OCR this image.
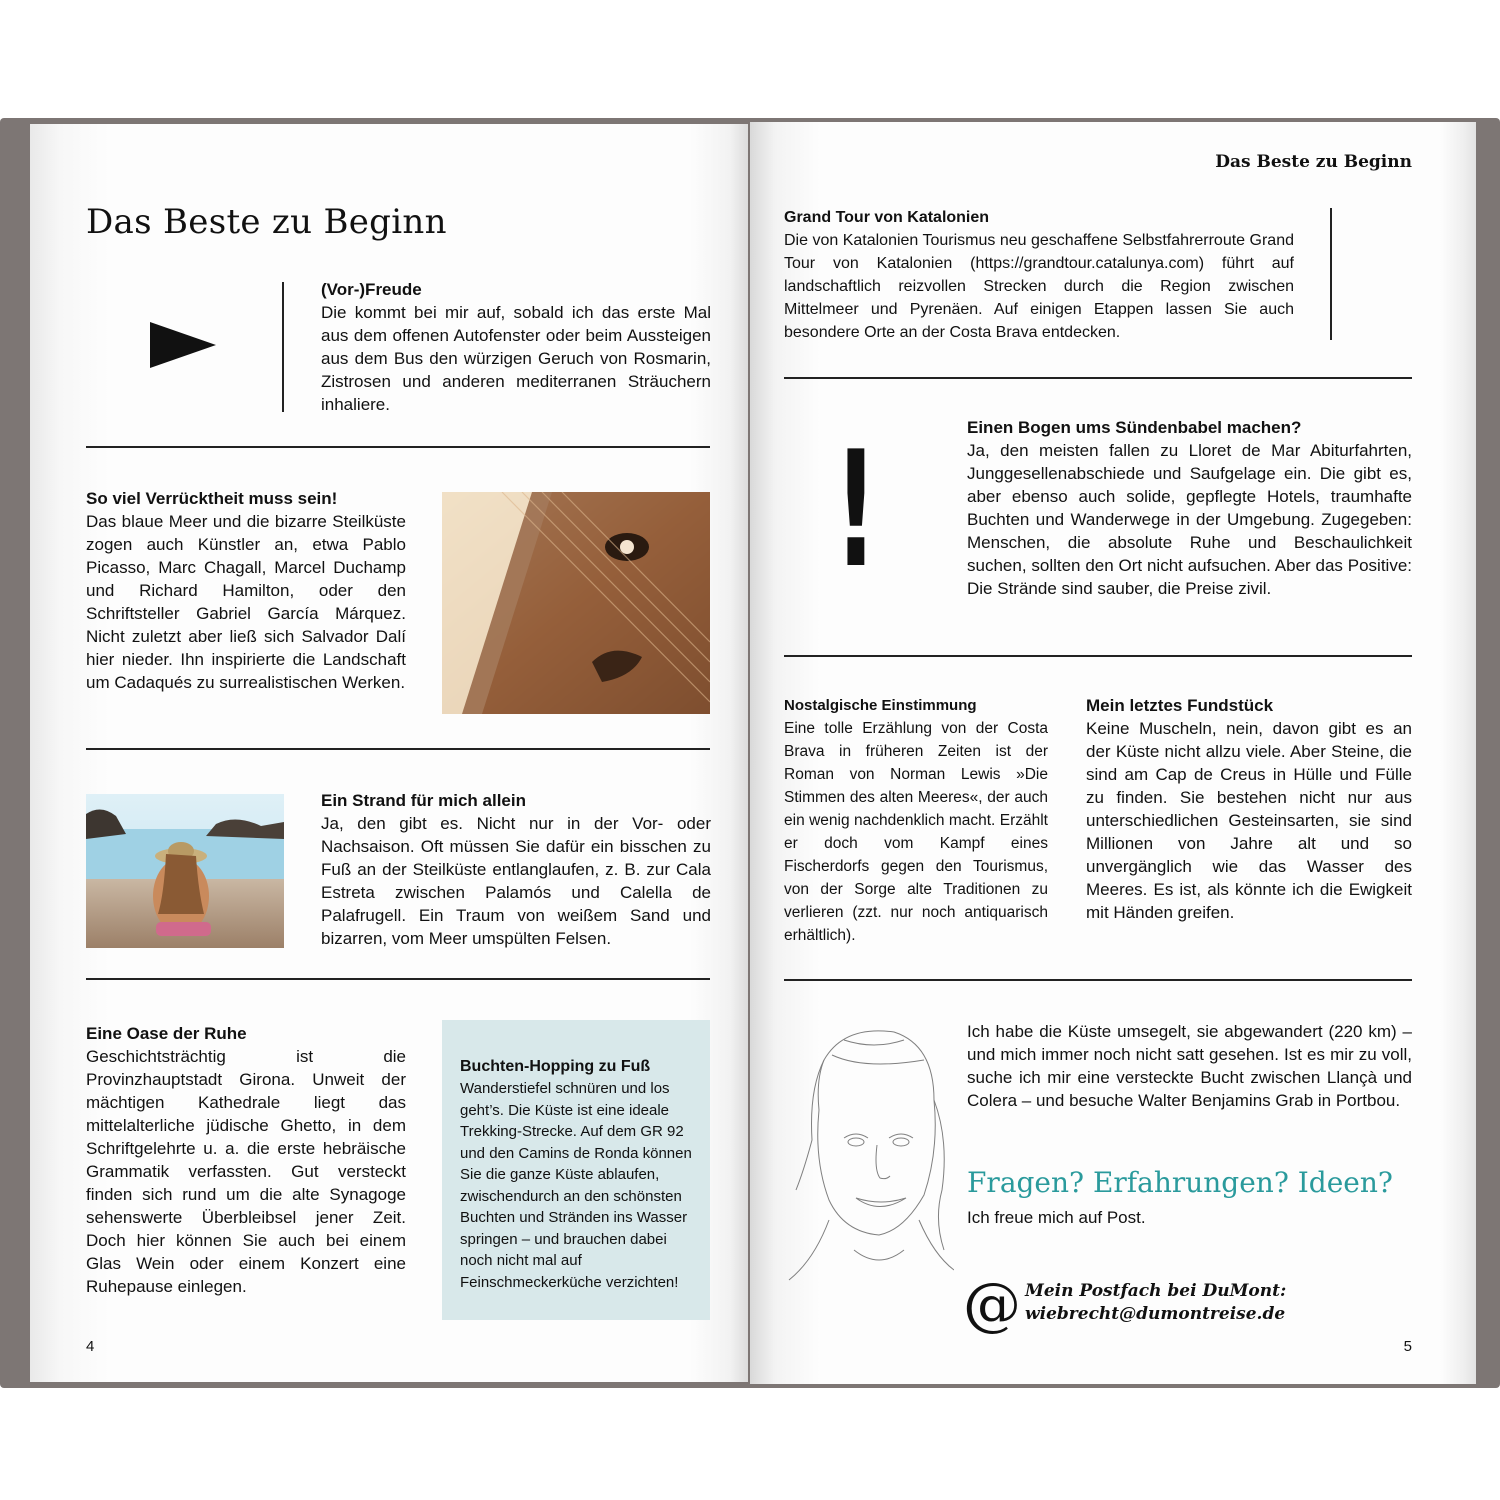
Das Beste zu Beginn
(Vor-)Freude
Die kommt bei mir auf, sobald ich das erste Mal aus dem offenen Autofenster oder beim Aussteigen aus dem Bus den würzigen Geruch von Rosmarin, Zistrosen und anderen mediterranen Sträuchern inhaliere.
So viel Verrücktheit muss sein!
Das blaue Meer und die bizarre Steilküste zogen auch Künstler an, etwa Pablo Picasso, Marc Chagall, Marcel Duchamp und Richard Hamilton, oder den Schriftsteller Gabriel García Márquez. Nicht zuletzt aber ließ sich Salvador Dalí hier nieder. Ihn inspirierte die Landschaft um Cadaqués zu surrealistischen Werken.
Ein Strand für mich allein
Ja, den gibt es. Nicht nur in der Vor- oder Nachsaison. Oft müssen Sie dafür ein bisschen zu Fuß an der Steilküste entlanglaufen, z. B. zur Cala Estreta zwischen Palamós und Calella de Palafrugell. Ein Traum von weißem Sand und bizarren, vom Meer umspülten Felsen.
Eine Oase der Ruhe
Geschichtsträchtig ist die Provinzhauptstadt Girona. Unweit der mächtigen Kathedrale liegt das mittelalterliche jüdische Ghetto, in dem Schriftgelehrte u. a. die erste hebräische Grammatik verfassten. Gut versteckt finden sich rund um die alte Synagoge sehenswerte Überbleibsel jener Zeit. Doch hier können Sie auch bei einem Glas Wein oder einem Konzert eine Ruhepause einlegen.
Buchten-Hopping zu Fuß
Wanderstiefel schnüren und los geht’s. Die Küste ist eine ideale Trekking-Strecke. Auf dem GR 92 und den Camins de Ronda können Sie die ganze Küste ablaufen, zwischendurch an den schönsten Buchten und Stränden ins Wasser springen – und brauchen dabei noch nicht mal auf Feinschmeckerküche verzichten!
4
Das Beste zu Beginn
Grand Tour von Katalonien
Die von Katalonien Tourismus neu geschaffene Selbstfahrerroute Grand Tour von Katalonien (https://grandtour.catalunya.com) führt auf landschaftlich reizvollen Strecken durch die Region zwischen Mittelmeer und Pyrenäen. Auf einigen Etappen lassen Sie auch besondere Orte an der Costa Brava entdecken.
!	Einen Bogen ums Sündenbabel machen?
Ja, den meisten fallen zu Lloret de Mar Abiturfahrten, Junggesellenabschiede und Saufgelage ein. Die gibt es, aber ebenso auch solide, gepflegte Hotels, traumhafte Buchten und Wanderwege in der Umgebung. Zugegeben: Menschen, die absolute Ruhe und Beschaulichkeit suchen, sollten den Ort nicht aufsuchen. Aber das Positive: Die Strände sind sauber, die Preise zivil.
Nostalgische Einstimmung
Eine tolle Erzählung von der Costa Brava in früheren Zeiten ist der Roman von Norman Lewis »Die Stimmen des alten Meeres«, der auch ein wenig nachdenklich macht. Erzählt er doch vom Kampf eines Fischerdorfs gegen den Tourismus, von der Sorge alte Traditionen zu verlieren (zzt. nur noch antiquarisch erhältlich).
Mein letztes Fundstück
Keine Muscheln, nein, davon gibt es an der Küste nicht allzu viele. Aber Steine, die sind am Cap de Creus in Hülle und Fülle zu finden. Sie bestehen nicht nur aus unterschiedlichen Gesteinsarten, sie sind Millionen von Jahre alt und so unvergänglich wie das Wasser des Meeres. Es ist, als könnte ich die Ewigkeit mit Händen greifen.
Ich habe die Küste umsegelt, sie abgewandert (220 km) – und mich immer noch nicht satt gesehen. Ist es mir zu voll, suche ich mir eine versteckte Bucht zwischen Llançà und Colera – und besuche Walter Benjamins Grab in Portbou.
Fragen? Erfahrungen? Ideen?
Ich freue mich auf Post.
@ Mein Postfach bei DuMont:
wiebrecht@dumontreise.de
5
